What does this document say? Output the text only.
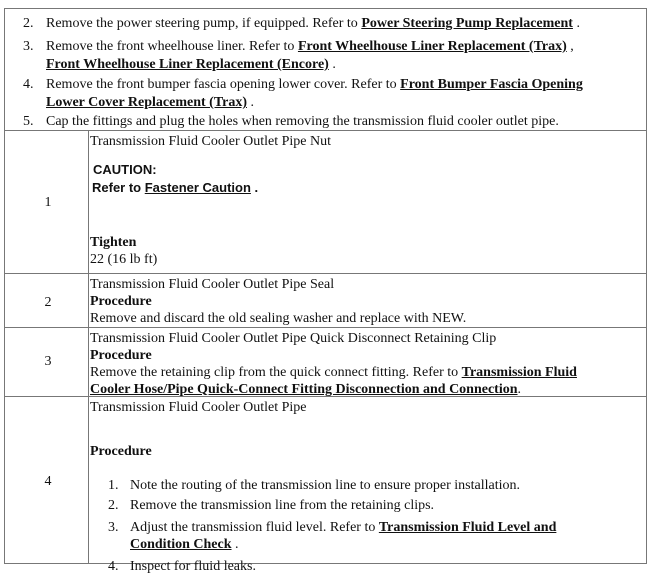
2. Remove the power steering pump, if equipped. Refer to Power Steering Pump Replacement .
3. Remove the front wheelhouse liner. Refer to Front Wheelhouse Liner Replacement (Trax) ,
Front Wheelhouse Liner Replacement (Encore) .
4. Remove the front bumper fascia opening lower cover. Refer to Front Bumper Fascia Opening
Lower Cover Replacement (Trax) .
5. Cap the fittings and plug the holes when removing the transmission fluid cooler outlet pipe.
1
Transmission Fluid Cooler Outlet Pipe Nut
CAUTION:
Refer to Fastener Caution .
Tighten
22 (16 lb ft)
2
Transmission Fluid Cooler Outlet Pipe Seal
Procedure
Remove and discard the old sealing washer and replace with NEW.
3
Transmission Fluid Cooler Outlet Pipe Quick Disconnect Retaining Clip
Procedure
Remove the retaining clip from the quick connect fitting. Refer to Transmission Fluid
Cooler Hose/Pipe Quick-Connect Fitting Disconnection and Connection.
4
Transmission Fluid Cooler Outlet Pipe
Procedure
1. Note the routing of the transmission line to ensure proper installation.
2. Remove the transmission line from the retaining clips.
3. Adjust the transmission fluid level. Refer to Transmission Fluid Level and
Condition Check .
4. Inspect for fluid leaks.
